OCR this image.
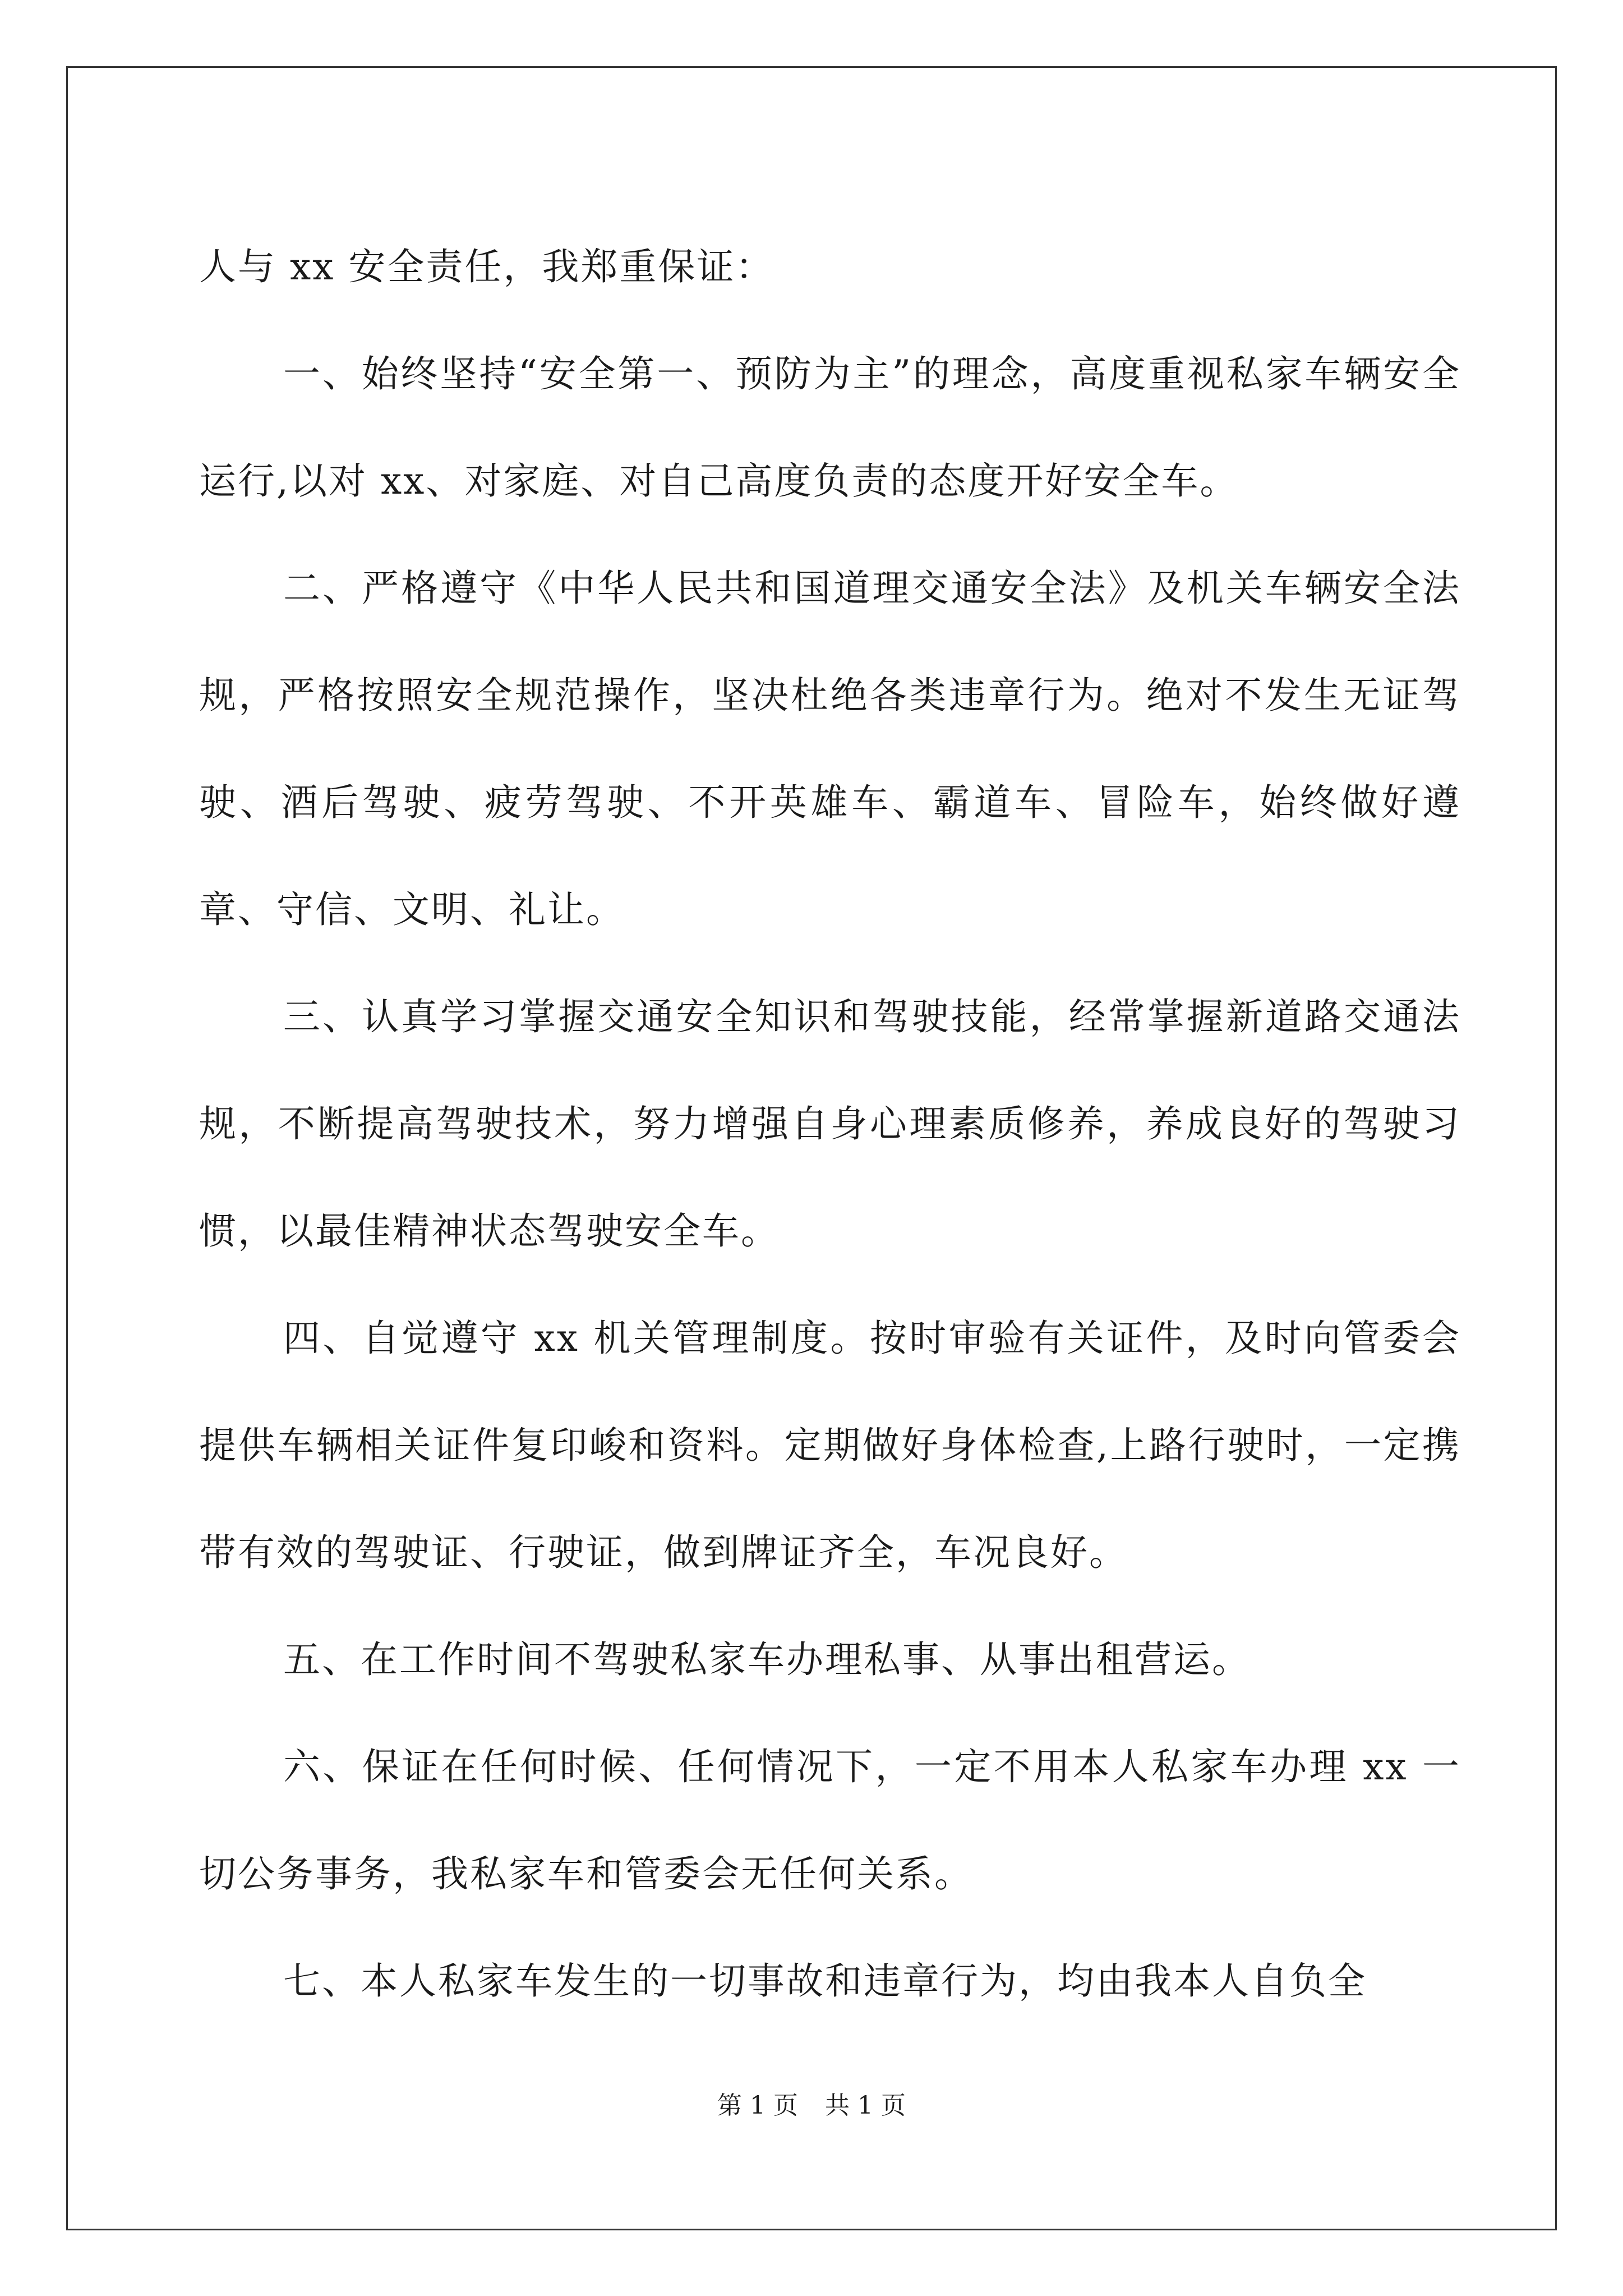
人与 xx 安全责任，我郑重保证：

一、始终坚持“安全第一、预防为主”的理念，高度重视私家车辆安全运行,以对 xx、对家庭、对自己高度负责的态度开好安全车。

二、严格遵守《中华人民共和国道理交通安全法》及机关车辆安全法规，严格按照安全规范操作，坚决杜绝各类违章行为。绝对不发生无证驾驶、酒后驾驶、疲劳驾驶、不开英雄车、霸道车、冒险车，始终做好遵章、守信、文明、礼让。

三、认真学习掌握交通安全知识和驾驶技能，经常掌握新道路交通法规，不断提高驾驶技术，努力增强自身心理素质修养，养成良好的驾驶习惯，以最佳精神状态驾驶安全车。

四、自觉遵守 xx 机关管理制度。按时审验有关证件，及时向管委会提供车辆相关证件复印峻和资料。定期做好身体检查,上路行驶时，一定携带有效的驾驶证、行驶证，做到牌证齐全，车况良好。

五、在工作时间不驾驶私家车办理私事、从事出租营运。

六、保证在任何时候、任何情况下，一定不用本人私家车办理 xx 一切公务事务，我私家车和管委会无任何关系。

七、本人私家车发生的一切事故和违章行为，均由我本人自负全

第 1 页 共 1 页
